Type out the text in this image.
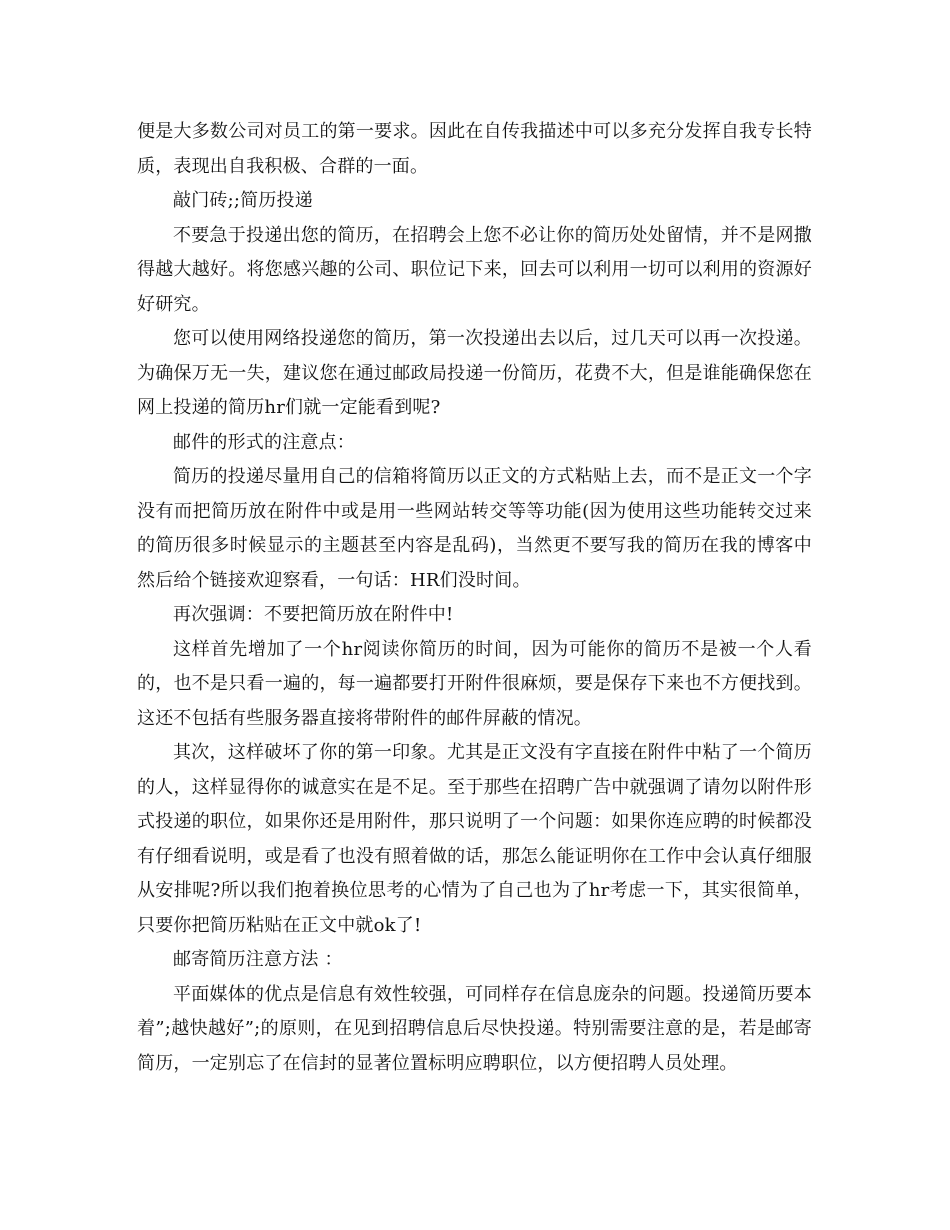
便是大多数公司对员工的第一要求。因此在自传我描述中可以多充分发挥自我专长特质，表现出自我积极、合群的一面。

敲门砖;;简历投递

不要急于投递出您的简历，在招聘会上您不必让你的简历处处留情，并不是网撒得越大越好。将您感兴趣的公司、职位记下来，回去可以利用一切可以利用的资源好好研究。

您可以使用网络投递您的简历，第一次投递出去以后，过几天可以再一次投递。为确保万无一失，建议您在通过邮政局投递一份简历，花费不大，但是谁能确保您在网上投递的简历hr们就一定能看到呢?

邮件的形式的注意点：

简历的投递尽量用自己的信箱将简历以正文的方式粘贴上去，而不是正文一个字没有而把简历放在附件中或是用一些网站转交等等功能(因为使用这些功能转交过来的简历很多时候显示的主题甚至内容是乱码)，当然更不要写我的简历在我的博客中然后给个链接欢迎察看，一句话：HR们没时间。

再次强调：不要把简历放在附件中!

这样首先增加了一个hr阅读你简历的时间，因为可能你的简历不是被一个人看的，也不是只看一遍的，每一遍都要打开附件很麻烦，要是保存下来也不方便找到。这还不包括有些服务器直接将带附件的邮件屏蔽的情况。

其次，这样破坏了你的第一印象。尤其是正文没有字直接在附件中粘了一个简历的人，这样显得你的诚意实在是不足。至于那些在招聘广告中就强调了请勿以附件形式投递的职位，如果你还是用附件，那只说明了一个问题：如果你连应聘的时候都没有仔细看说明，或是看了也没有照着做的话，那怎么能证明你在工作中会认真仔细服从安排呢?所以我们抱着换位思考的心情为了自己也为了hr考虑一下，其实很简单，只要你把简历粘贴在正文中就ok了!

邮寄简历注意方法 ：

平面媒体的优点是信息有效性较强，可同样存在信息庞杂的问题。投递简历要本着”;越快越好”;的原则，在见到招聘信息后尽快投递。特别需要注意的是，若是邮寄简历，一定别忘了在信封的显著位置标明应聘职位，以方便招聘人员处理。
